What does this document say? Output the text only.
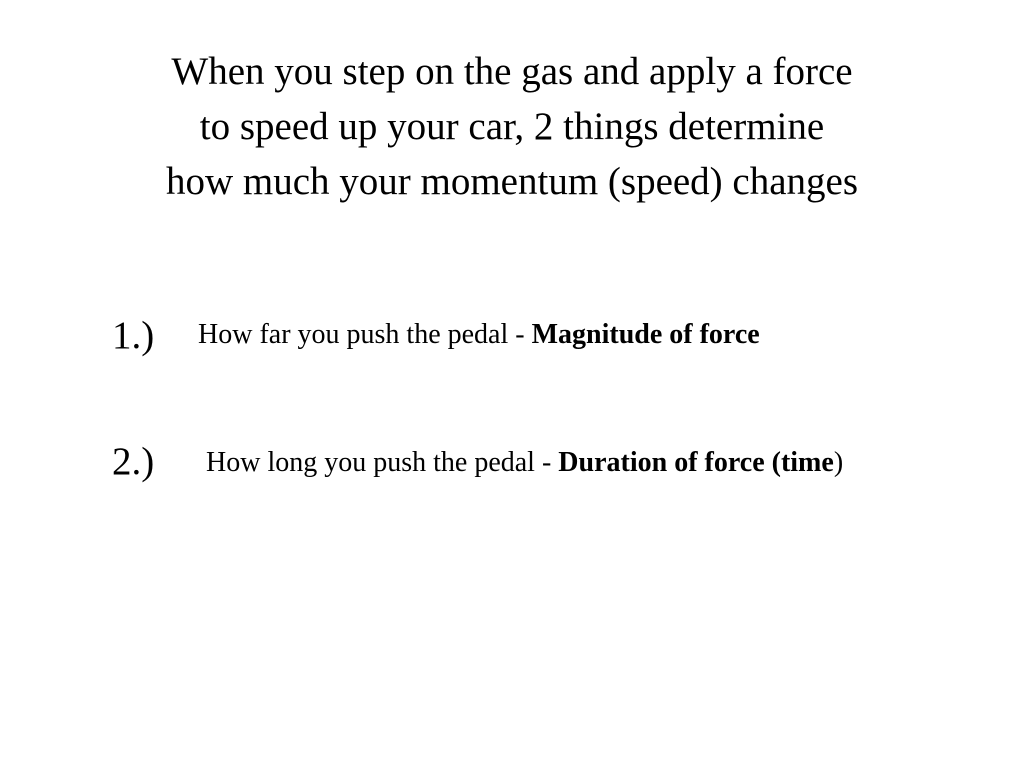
When you step on the gas and apply a force
to speed up your car, 2 things determine
how much your momentum (speed) changes
1.) How far you push the pedal - Magnitude of force
2.) How long you push the pedal - Duration of force (time)
